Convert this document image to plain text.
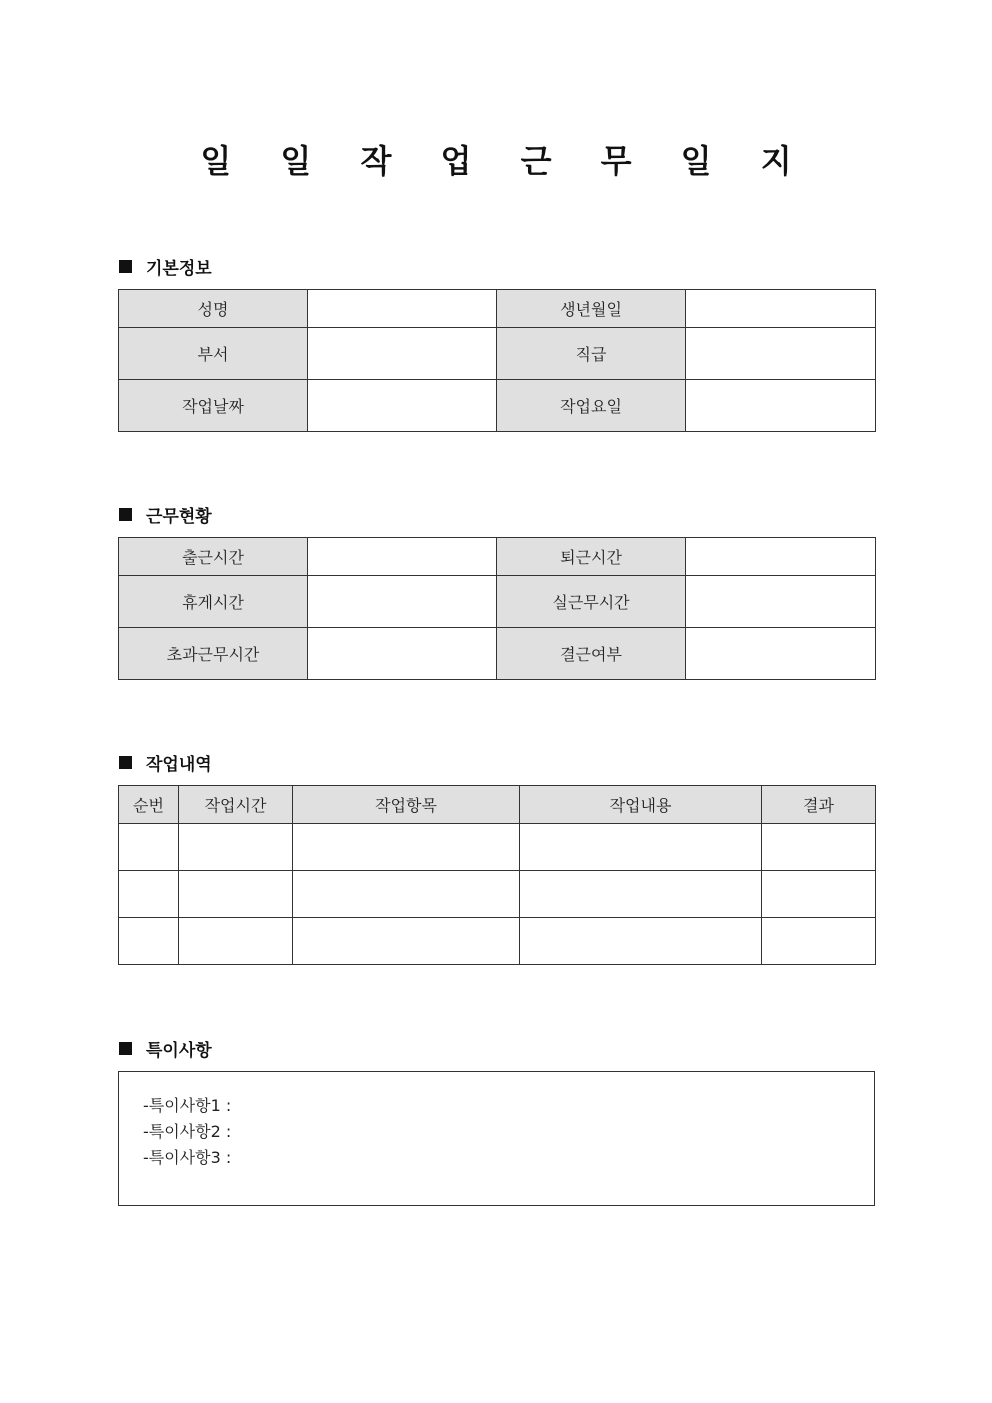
일 일 작 업 근 무 일 지
기본정보
성명		생년월일	
부서		직급	
작업날짜		작업요일	
근무현황
출근시간		퇴근시간	
휴게시간		실근무시간	
초과근무시간		결근여부	
작업내역
순번	작업시간	작업항목	작업내용	결과

특이사항
-특이사항1 :
-특이사항2 :
-특이사항3 :
